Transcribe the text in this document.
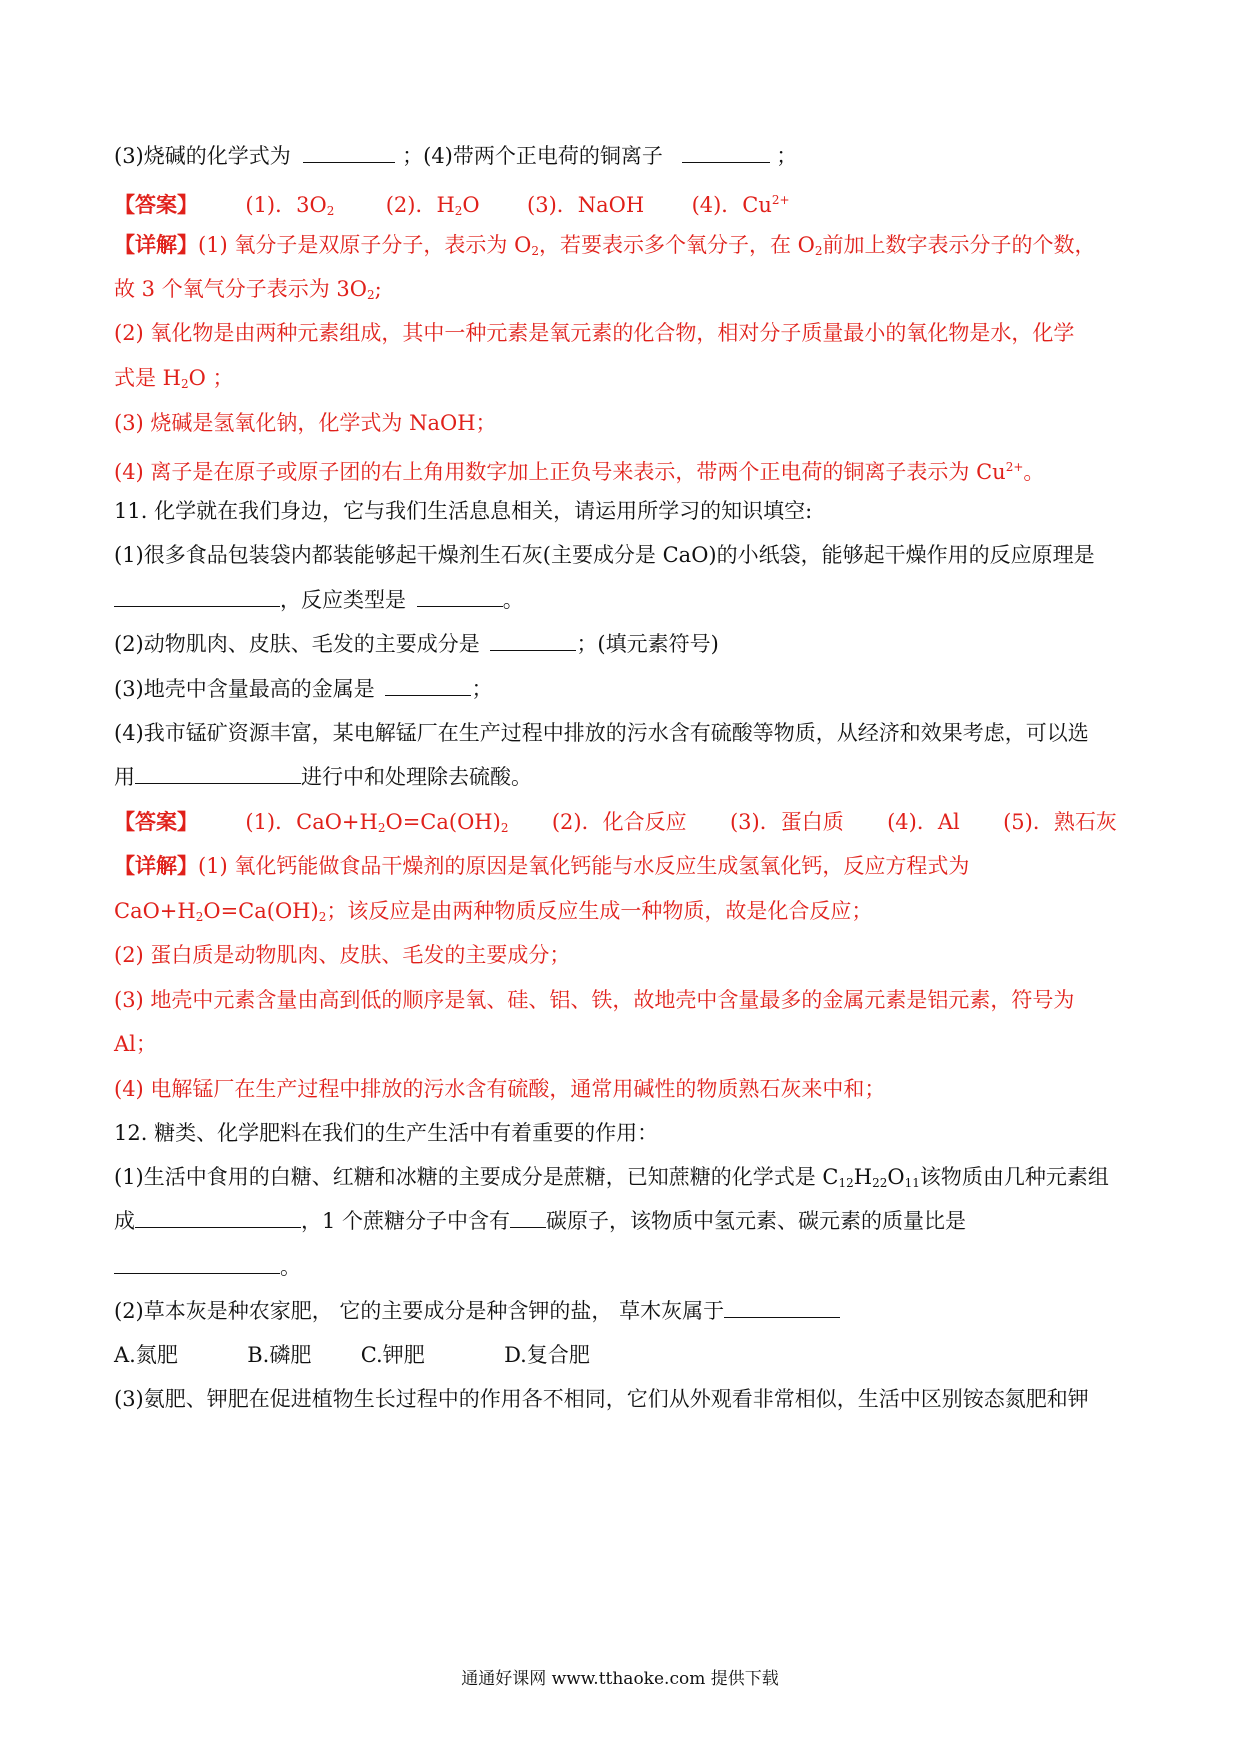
(3)烧碱的化学式为	；(4)带两个正电荷的铜离子	；
【答案】 (1)．$3O_2$ (2)．$H_2O$ (3)．NaOH (4)．$Cu^{2+}$
【详解】(1) 氧分子是双原子分子，表示为 $O_2$，若要表示多个氧分子，在 $O_2$前加上数字表示分子的个数，
故 3 个氧气分子表示为 $3O_2$;
(2) 氧化物是由两种元素组成，其中一种元素是氧元素的化合物，相对分子质量最小的氧化物是水，化学
式是 $H_2O$ ；
(3) 烧碱是氢氧化钠，化学式为 NaOH；
(4) 离子是在原子或原子团的右上角用数字加上正负号来表示，带两个正电荷的铜离子表示为 $Cu^{2+}$。
11. 化学就在我们身边，它与我们生活息息相关，请运用所学习的知识填空:
(1)很多食品包装袋内都装能够起干燥剂生石灰(主要成分是 CaO)的小纸袋，能够起干燥作用的反应原理是
，反应类型是	。
(2)动物肌肉、皮肤、毛发的主要成分是	；(填元素符号)
(3)地壳中含量最高的金属是	；
(4)我市锰矿资源丰富，某电解锰厂在生产过程中排放的污水含有硫酸等物质，从经济和效果考虑，可以选
用	进行中和处理除去硫酸。
【答案】 (1)．$CaO+H_2O=Ca(OH)_2$ (2)．化合反应 (3)．蛋白质 (4)．Al (5)．熟石灰
【详解】(1) 氧化钙能做食品干燥剂的原因是氧化钙能与水反应生成氢氧化钙，反应方程式为
$CaO+H_2O=Ca(OH)_2$；该反应是由两种物质反应生成一种物质，故是化合反应；
(2) 蛋白质是动物肌肉、皮肤、毛发的主要成分；
(3) 地壳中元素含量由高到低的顺序是氧、硅、铝、铁，故地壳中含量最多的金属元素是铝元素，符号为
Al；
(4) 电解锰厂在生产过程中排放的污水含有硫酸，通常用碱性的物质熟石灰来中和；
12. 糖类、化学肥料在我们的生产生活中有着重要的作用：
(1)生活中食用的白糖、红糖和冰糖的主要成分是蔗糖，已知蔗糖的化学式是 $C_{12}H_{22}O_{11}$该物质由几种元素组
成	，1 个蔗糖分子中含有 碳原子，该物质中氢元素、碳元素的质量比是
。
(2)草本灰是种农家肥， 它的主要成分是种含钾的盐， 草木灰属于
A.氮肥	B.磷肥 C.钾肥	D.复合肥
(3)氨肥、钾肥在促进植物生长过程中的作用各不相同，它们从外观看非常相似，生活中区别铵态氮肥和钾
通通好课网 www.tthaoke.com 提供下载
